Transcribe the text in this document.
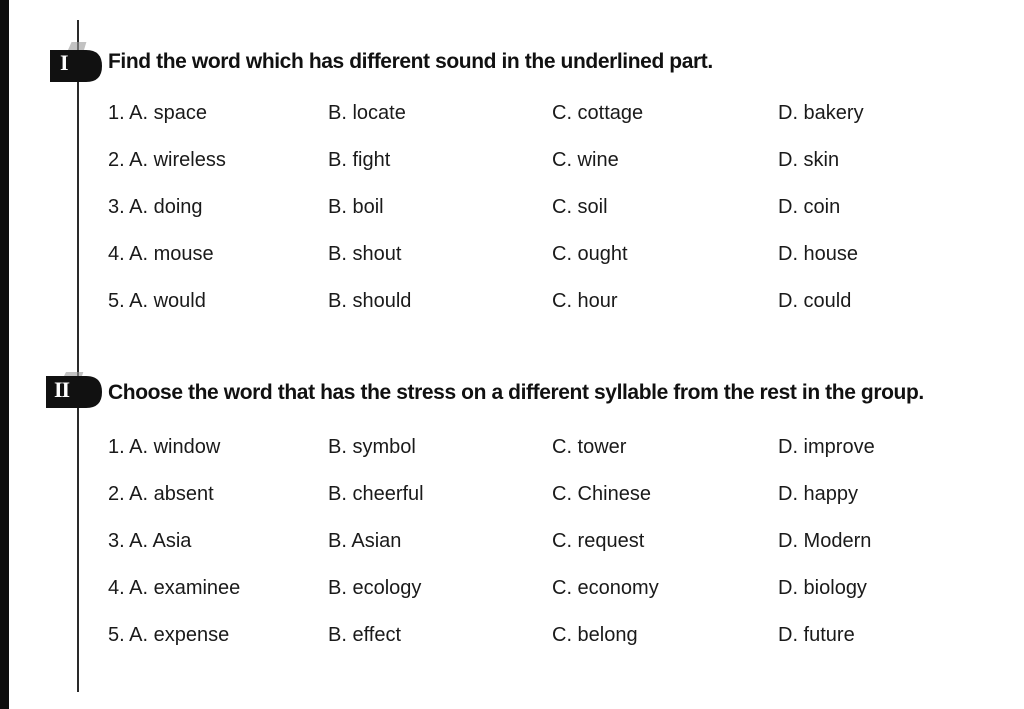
I Find the word which has different sound in the underlined part.
1. A. space	B. locate	C. cottage	D. bakery
2. A. wireless	B. fight	C. wine	D. skin
3. A. doing	B. boil	C. soil	D. coin
4. A. mouse	B. shout	C. ought	D. house
5. A. would	B. should	C. hour	D. could
II Choose the word that has the stress on a different syllable from the rest in the group.
1. A. window	B. symbol	C. tower	D. improve
2. A. absent	B. cheerful	C. Chinese	D. happy
3. A. Asia	B. Asian	C. request	D. Modern
4. A. examinee	B. ecology	C. economy	D. biology
5. A. expense	B. effect	C. belong	D. future
